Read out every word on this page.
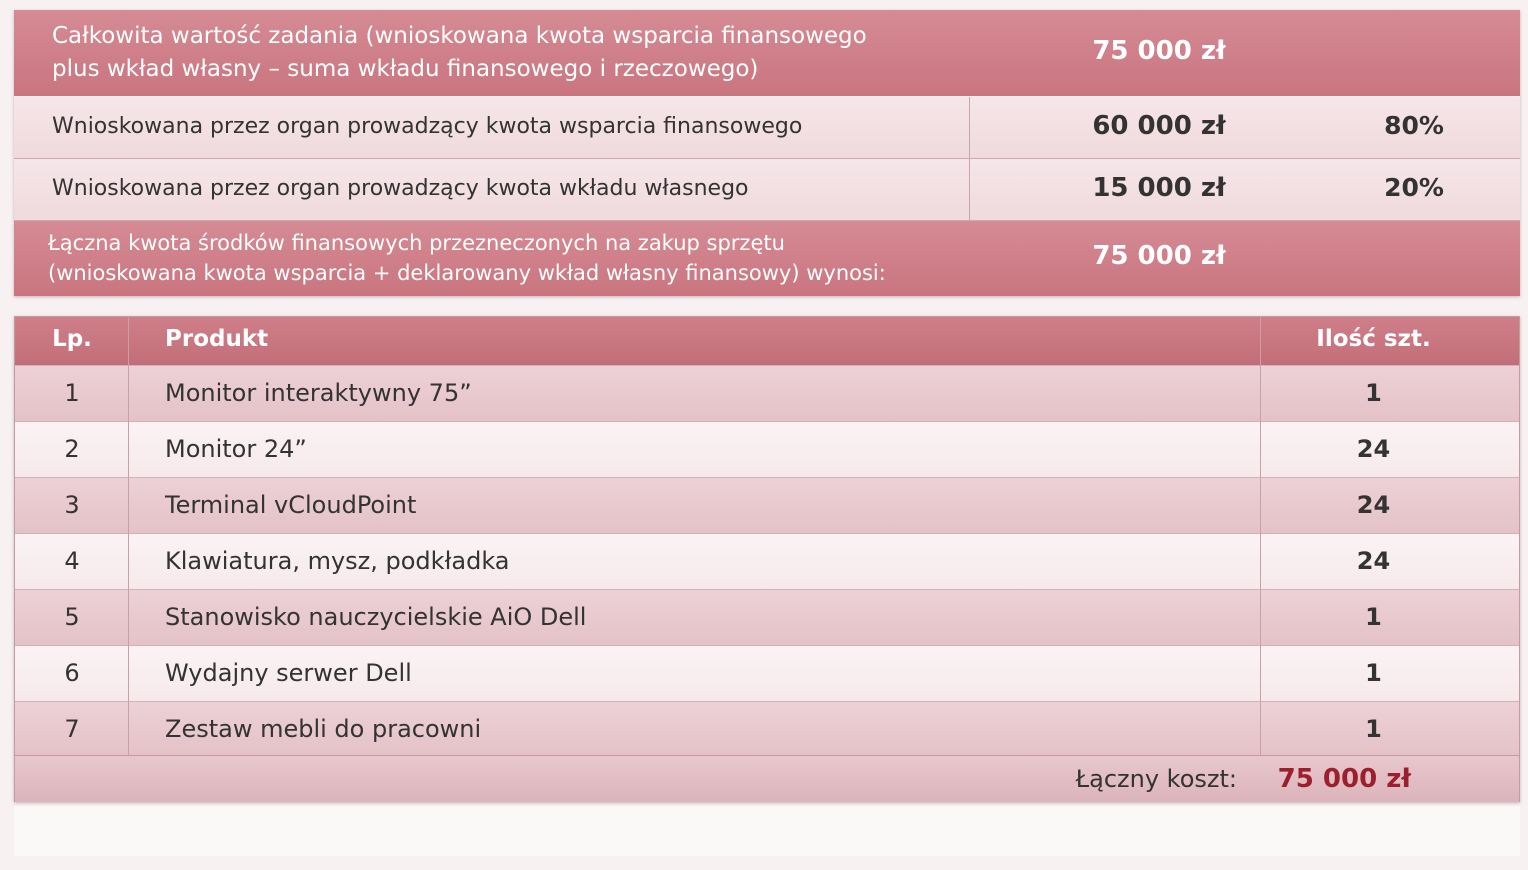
Całkowita wartość zadania (wnioskowana kwota wsparcia finansowego
plus wkład własny – suma wkładu finansowego i rzeczowego)
75 000 zł
Wnioskowana przez organ prowadzący kwota wsparcia finansowego	60 000 zł	80%
Wnioskowana przez organ prowadzący kwota wkładu własnego	15 000 zł	20%
Łączna kwota środków finansowych przezneczonych na zakup sprzętu
(wnioskowana kwota wsparcia + deklarowany wkład własny finansowy) wynosi:
75 000 zł
Lp.	Produkt	Ilość szt.
1	Monitor interaktywny 75”	1
2	Monitor 24”	24
3	Terminal vCloudPoint	24
4	Klawiatura, mysz, podkładka	24
5	Stanowisko nauczycielskie AiO Dell	1
6	Wydajny serwer Dell	1
7	Zestaw mebli do pracowni	1
Łączny koszt: 75 000 zł
